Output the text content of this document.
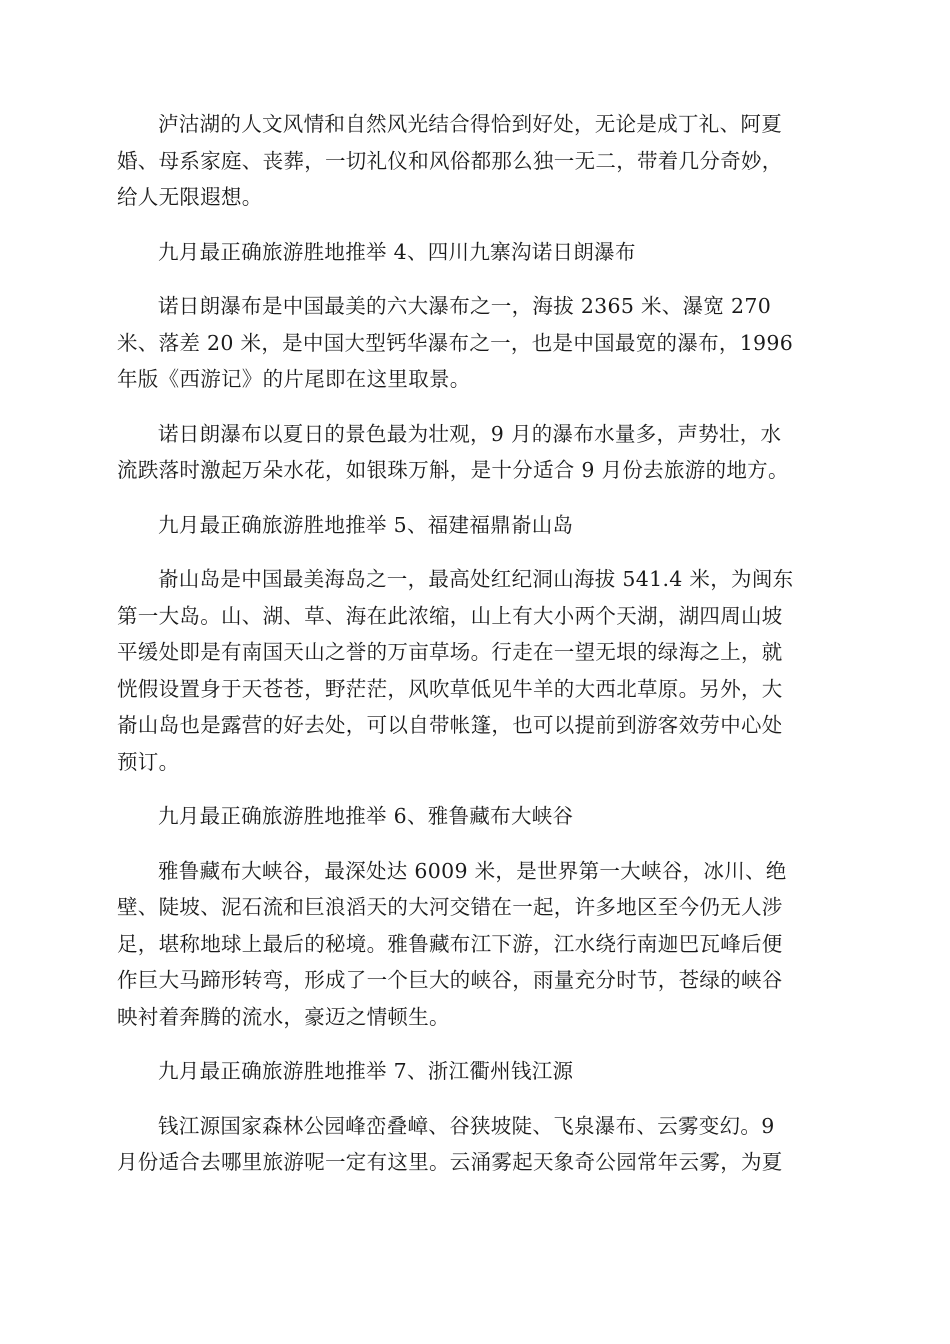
泸沽湖的人文风情和自然风光结合得恰到好处，无论是成丁礼、阿夏
婚、母系家庭、丧葬，一切礼仪和风俗都那么独一无二，带着几分奇妙，
给人无限遐想。

九月最正确旅游胜地推举 4、四川九寨沟诺日朗瀑布

诺日朗瀑布是中国最美的六大瀑布之一，海拔 2365 米、瀑宽 270
米、落差 20 米，是中国大型钙华瀑布之一，也是中国最宽的瀑布，1996
年版《西游记》的片尾即在这里取景。

诺日朗瀑布以夏日的景色最为壮观，9 月的瀑布水量多，声势壮，水
流跌落时激起万朵水花，如银珠万斛，是十分适合 9 月份去旅游的地方。

九月最正确旅游胜地推举 5、福建福鼎嵛山岛

嵛山岛是中国最美海岛之一，最高处红纪洞山海拔 541.4 米，为闽东
第一大岛。山、湖、草、海在此浓缩，山上有大小两个天湖，湖四周山坡
平缓处即是有南国天山之誉的万亩草场。行走在一望无垠的绿海之上，就
恍假设置身于天苍苍，野茫茫，风吹草低见牛羊的大西北草原。另外，大
嵛山岛也是露营的好去处，可以自带帐篷，也可以提前到游客效劳中心处
预订。

九月最正确旅游胜地推举 6、雅鲁藏布大峡谷

雅鲁藏布大峡谷，最深处达 6009 米，是世界第一大峡谷，冰川、绝
壁、陡坡、泥石流和巨浪滔天的大河交错在一起，许多地区至今仍无人涉
足，堪称地球上最后的秘境。雅鲁藏布江下游，江水绕行南迦巴瓦峰后便
作巨大马蹄形转弯，形成了一个巨大的峡谷，雨量充分时节，苍绿的峡谷
映衬着奔腾的流水，豪迈之情顿生。

九月最正确旅游胜地推举 7、浙江衢州钱江源

钱江源国家森林公园峰峦叠嶂、谷狭坡陡、飞泉瀑布、云雾变幻。9
月份适合去哪里旅游呢一定有这里。云涌雾起天象奇公园常年云雾，为夏
